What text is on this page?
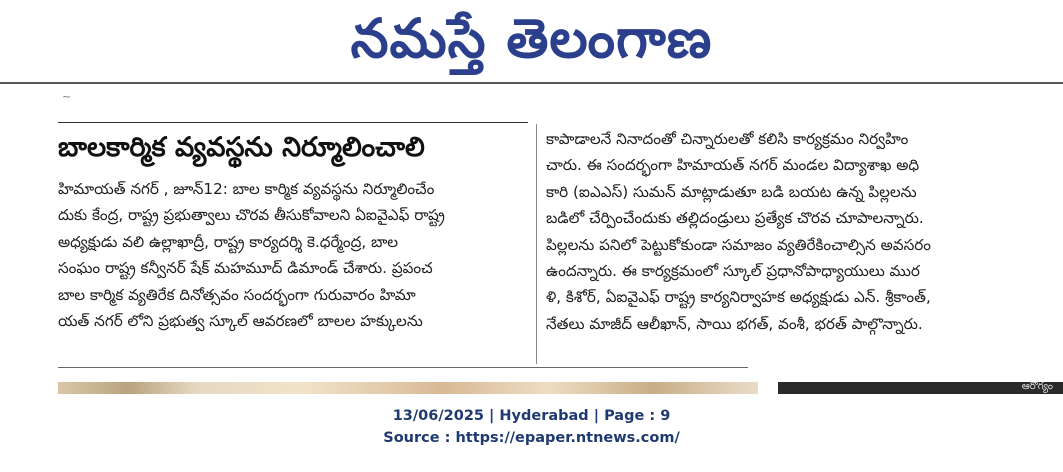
నమస్తే తెలంగాణ
~
బాలకార్మిక వ్యవస్థను నిర్మూలించాలి
హిమాయత్ నగర్ , జూన్12: బాల కార్మిక వ్యవస్థను నిర్మూలించేం
దుకు కేంద్ర, రాష్ట్ర ప్రభుత్వాలు చొరవ తీసుకోవాలని ఏఐవైఎఫ్ రాష్ట్ర
అధ్యక్షుడు వలి ఉల్లాఖాద్రీ, రాష్ట్ర కార్యదర్శి కె.ధర్మేంద్ర, బాల
సంఘం రాష్ట్ర కన్వీనర్ షేక్ మహమూద్ డిమాండ్ చేశారు. ప్రపంచ
బాల కార్మిక వ్యతిరేక దినోత్సవం సందర్భంగా గురువారం హిమా
యత్ నగర్ లోని ప్రభుత్వ స్కూల్ ఆవరణలో బాలల హక్కులను
కాపాడాలనే నినాదంతో చిన్నారులతో కలిసి కార్యక్రమం నిర్వహిం
చారు. ఈ సందర్భంగా హిమాయత్ నగర్ మండల విద్యాశాఖ అధి
కారి (ఐఎఎస్) సుమన్ మాట్లాడుతూ బడి బయట ఉన్న పిల్లలను
బడిలో చేర్పించేందుకు తల్లిదండ్రులు ప్రత్యేక చొరవ చూపాలన్నారు.
పిల్లలను పనిలో పెట్టుకోకుండా సమాజం వ్యతిరేకించాల్సిన అవసరం
ఉందన్నారు. ఈ కార్యక్రమంలో స్కూల్ ప్రధానోపాధ్యాయులు ముర
ళి, కిశోర్, ఏఐవైఎఫ్ రాష్ట్ర కార్యనిర్వాహక అధ్యక్షుడు ఎన్. శ్రీకాంత్,
నేతలు మాజీద్ ఆలీఖాన్, సాయి భగత్, వంశీ, భరత్ పాల్గొన్నారు.
ఆరోగ్యం
13/06/2025 | Hyderabad | Page : 9
Source : https://epaper.ntnews.com/
